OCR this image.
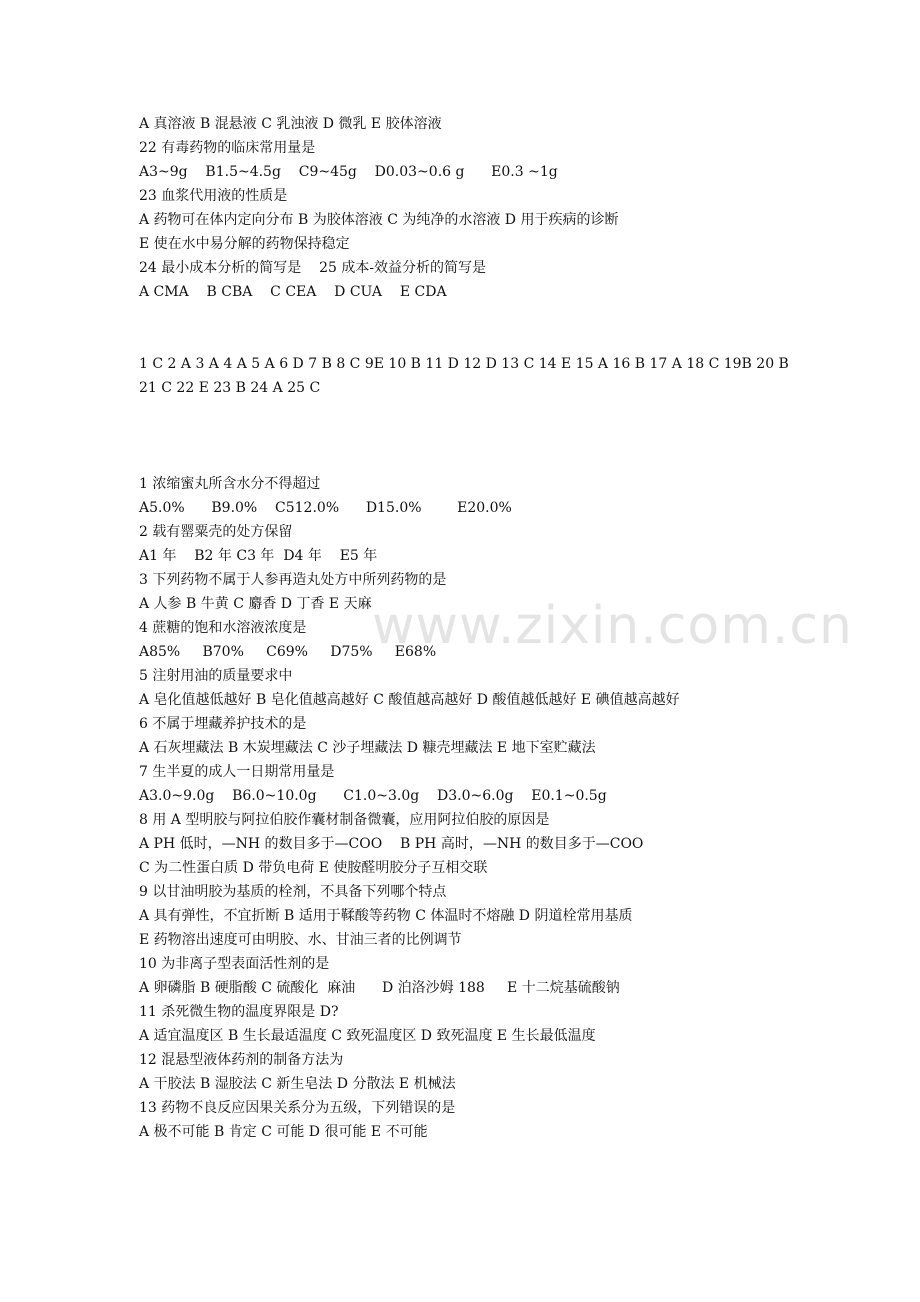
www.zixin.com.cn
A 真溶液 B 混悬液 C 乳浊液 D 微乳 E 胶体溶液
22 有毒药物的临床常用量是
A3~9g    B1.5~4.5g    C9~45g    D0.03~0.6 g      E0.3 ~1g
23 血浆代用液的性质是
A 药物可在体内定向分布 B 为胶体溶液 C 为纯净的水溶液 D 用于疾病的诊断
E 使在水中易分解的药物保持稳定
24 最小成本分析的简写是    25 成本-效益分析的简写是
A CMA    B CBA    C CEA    D CUA    E CDA
1 C 2 A 3 A 4 A 5 A 6 D 7 B 8 C 9E 10 B 11 D 12 D 13 C 14 E 15 A 16 B 17 A 18 C 19B 20 B
21 C 22 E 23 B 24 A 25 C
1 浓缩蜜丸所含水分不得超过
A5.0%      B9.0%    C512.0%      D15.0%        E20.0%
2 载有罂粟壳的处方保留
A1 年    B2 年 C3 年  D4 年    E5 年
3 下列药物不属于人参再造丸处方中所列药物的是
A 人参 B 牛黄 C 麝香 D 丁香 E 天麻
4 蔗糖的饱和水溶液浓度是
A85%     B70%     C69%     D75%     E68%
5 注射用油的质量要求中
A 皂化值越低越好 B 皂化值越高越好 C 酸值越高越好 D 酸值越低越好 E 碘值越高越好
6 不属于埋藏养护技术的是
A 石灰埋藏法 B 木炭埋藏法 C 沙子埋藏法 D 糠壳埋藏法 E 地下室贮藏法
7 生半夏的成人一日期常用量是
A3.0~9.0g    B6.0~10.0g      C1.0~3.0g    D3.0~6.0g    E0.1~0.5g
8 用 A 型明胶与阿拉伯胶作囊材制备微囊，应用阿拉伯胶的原因是
A PH 低时，—NH 的数目多于—COO    B PH 高时，—NH 的数目多于—COO
C 为二性蛋白质 D 带负电荷 E 使胺醛明胶分子互相交联
9 以甘油明胶为基质的栓剂，不具备下列哪个特点
A 具有弹性，不宜折断 B 适用于鞣酸等药物 C 体温时不熔融 D 阴道栓常用基质
E 药物溶出速度可由明胶、水、甘油三者的比例调节
10 为非离子型表面活性剂的是
A 卵磷脂 B 硬脂酸 C 硫酸化  麻油      D 泊洛沙姆 188     E 十二烷基硫酸钠
11 杀死微生物的温度界限是 D?
A 适宜温度区 B 生长最适温度 C 致死温度区 D 致死温度 E 生长最低温度
12 混悬型液体药剂的制备方法为
A 干胶法 B 湿胶法 C 新生皂法 D 分散法 E 机械法
13 药物不良反应因果关系分为五级，下列错误的是
A 极不可能 B 肯定 C 可能 D 很可能 E 不可能
